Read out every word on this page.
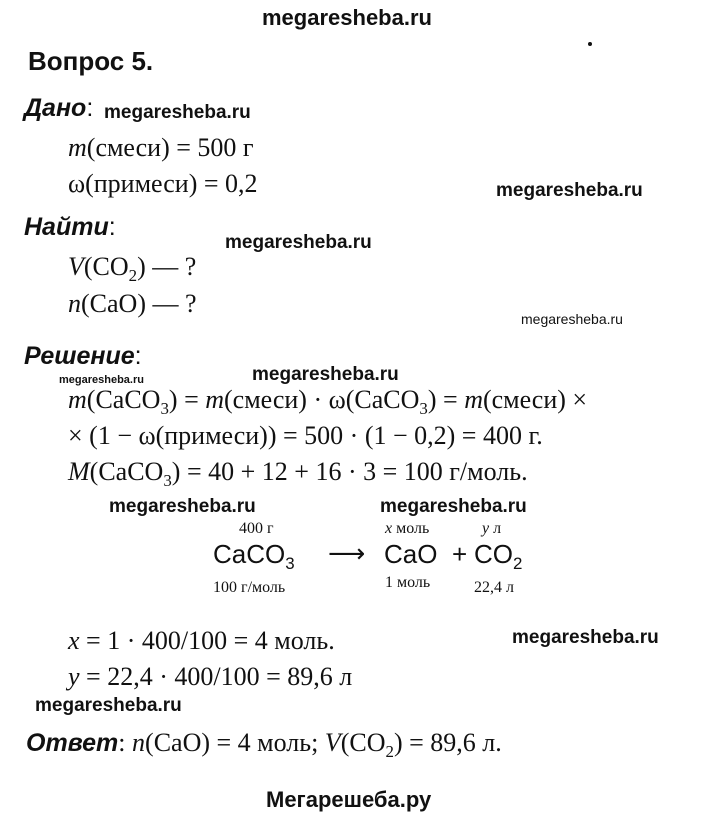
megaresheba.ru
megaresheba.ru
megaresheba.ru
megaresheba.ru
megaresheba.ru
megaresheba.ru
megaresheba.ru
megaresheba.ru	megaresheba.ru
megaresheba.ru
megaresheba.ru
Мегарешеба.ру
Вопрос 5.
Дано:
m(смеси) = 500 г
ω(примеси) = 0,2
Найти:
$V(CO_2)$ — ?
n(CaO) — ?
Решение:
m(CaCO$_3$) = m(смеси) · ω(CaCO$_3$) = m(смеси) ×
× (1 − ω(примеси)) = 500 · (1 − 0,2) = 400 г.
M(CaCO$_3$) = 40 + 12 + 16 · 3 = 100 г/моль.
400 г	x моль	y л
CaCO$_3$ ⟶ CaO + $CO_2$
100 г/моль	1 моль	22,4 л
x = 1 · 400/100 = 4 моль.
y = 22,4 · 400/100 = 89,6 л
Ответ: n(CaO) = 4 моль; $V(CO_2) = 89,6$ л.
